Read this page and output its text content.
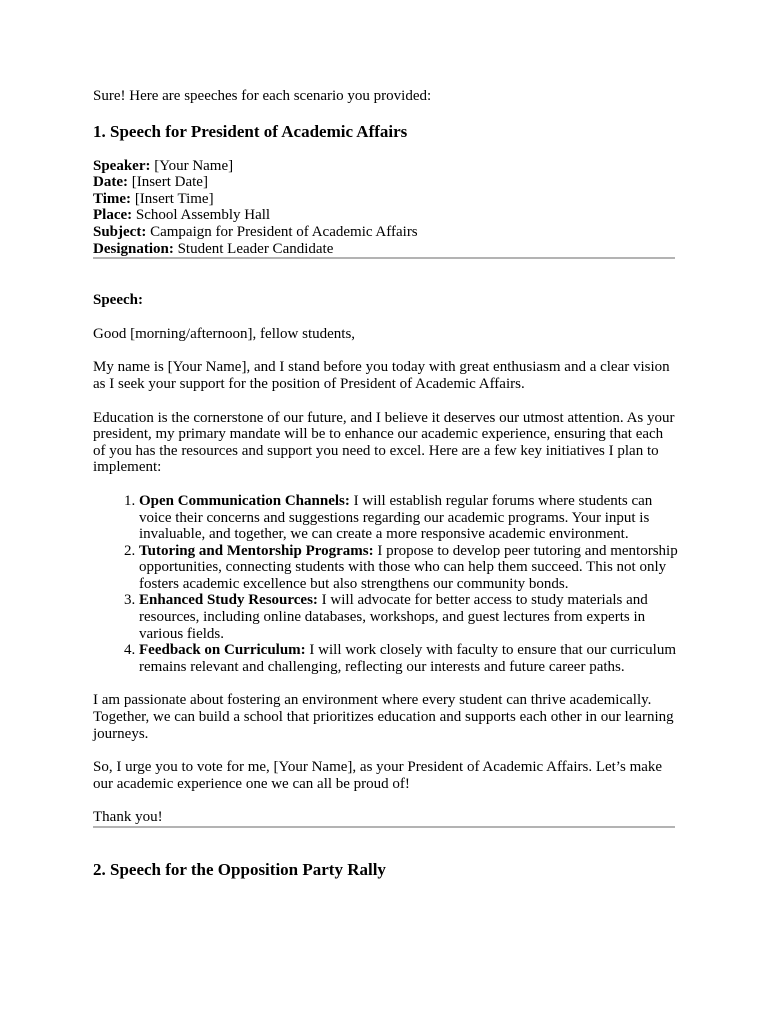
Sure! Here are speeches for each scenario you provided:

1. Speech for President of Academic Affairs

Speaker: [Your Name]

Date: [Insert Date]

Time: [Insert Time]

Place: School Assembly Hall

Subject: Campaign for President of Academic Affairs

Designation: Student Leader Candidate

Speech:

Good [morning/afternoon], fellow students,

My name is [Your Name], and I stand before you today with great enthusiasm and a clear vision as I seek your support for the position of President of Academic Affairs.

Education is the cornerstone of our future, and I believe it deserves our utmost attention. As your president, my primary mandate will be to enhance our academic experience, ensuring that each of you has the resources and support you need to excel. Here are a few key initiatives I plan to implement:

1. Open Communication Channels: I will establish regular forums where students can voice their concerns and suggestions regarding our academic programs. Your input is invaluable, and together, we can create a more responsive academic environment.
2. Tutoring and Mentorship Programs: I propose to develop peer tutoring and mentorship opportunities, connecting students with those who can help them succeed. This not only fosters academic excellence but also strengthens our community bonds.
3. Enhanced Study Resources: I will advocate for better access to study materials and resources, including online databases, workshops, and guest lectures from experts in various fields.
4. Feedback on Curriculum: I will work closely with faculty to ensure that our curriculum remains relevant and challenging, reflecting our interests and future career paths.

I am passionate about fostering an environment where every student can thrive academically. Together, we can build a school that prioritizes education and supports each other in our learning journeys.

So, I urge you to vote for me, [Your Name], as your President of Academic Affairs. Let’s make our academic experience one we can all be proud of!

Thank you!

2. Speech for the Opposition Party Rally
